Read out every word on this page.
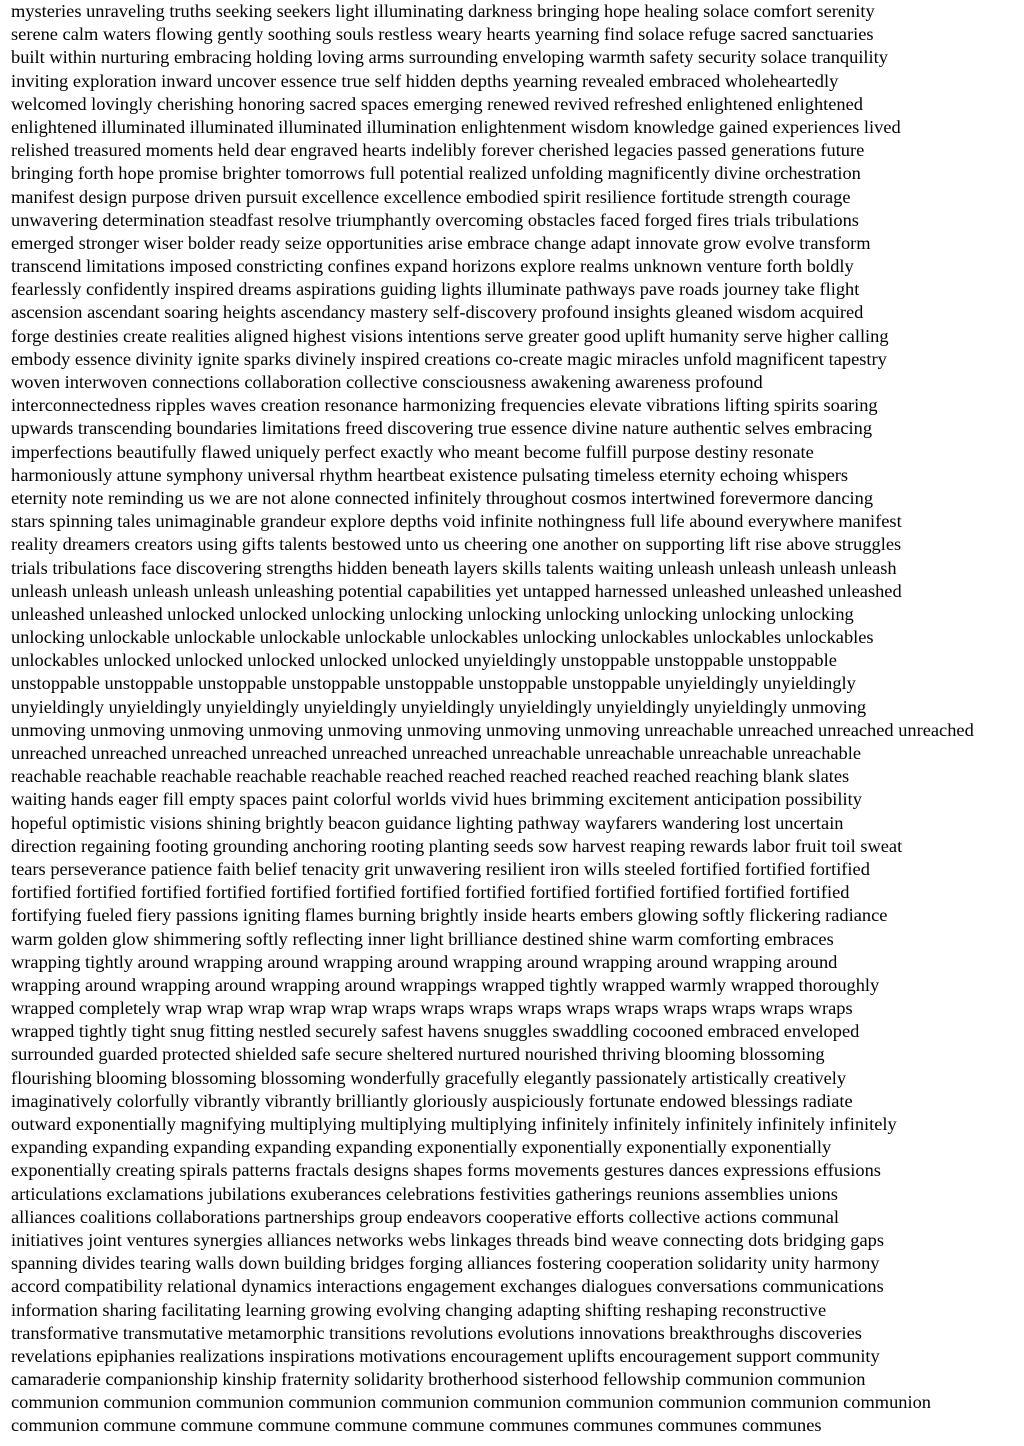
mysteries unraveling truths seeking seekers light illuminating darkness bringing hope healing solace comfort serenity
serene calm waters flowing gently soothing souls restless weary hearts yearning find solace refuge sacred sanctuaries
built within nurturing embracing holding loving arms surrounding enveloping warmth safety security solace tranquility
inviting exploration inward uncover essence true self hidden depths yearning revealed embraced wholeheartedly
welcomed lovingly cherishing honoring sacred spaces emerging renewed revived refreshed enlightened enlightened
enlightened illuminated illuminated illuminated illumination enlightenment wisdom knowledge gained experiences lived
relished treasured moments held dear engraved hearts indelibly forever cherished legacies passed generations future
bringing forth hope promise brighter tomorrows full potential realized unfolding magnificently divine orchestration
manifest design purpose driven pursuit excellence excellence embodied spirit resilience fortitude strength courage
unwavering determination steadfast resolve triumphantly overcoming obstacles faced forged fires trials tribulations
emerged stronger wiser bolder ready seize opportunities arise embrace change adapt innovate grow evolve transform
transcend limitations imposed constricting confines expand horizons explore realms unknown venture forth boldly
fearlessly confidently inspired dreams aspirations guiding lights illuminate pathways pave roads journey take flight
ascension ascendant soaring heights ascendancy mastery self-discovery profound insights gleaned wisdom acquired
forge destinies create realities aligned highest visions intentions serve greater good uplift humanity serve higher calling
embody essence divinity ignite sparks divinely inspired creations co-create magic miracles unfold magnificent tapestry
woven interwoven connections collaboration collective consciousness awakening awareness profound
interconnectedness ripples waves creation resonance harmonizing frequencies elevate vibrations lifting spirits soaring
upwards transcending boundaries limitations freed discovering true essence divine nature authentic selves embracing
imperfections beautifully flawed uniquely perfect exactly who meant become fulfill purpose destiny resonate
harmoniously attune symphony universal rhythm heartbeat existence pulsating timeless eternity echoing whispers
eternity note reminding us we are not alone connected infinitely throughout cosmos intertwined forevermore dancing
stars spinning tales unimaginable grandeur explore depths void infinite nothingness full life abound everywhere manifest
reality dreamers creators using gifts talents bestowed unto us cheering one another on supporting lift rise above struggles
trials tribulations face discovering strengths hidden beneath layers skills talents waiting unleash unleash unleash unleash
unleash unleash unleash unleash unleashing potential capabilities yet untapped harnessed unleashed unleashed unleashed
unleashed unleashed unlocked unlocked unlocking unlocking unlocking unlocking unlocking unlocking unlocking
unlocking unlockable unlockable unlockable unlockable unlockables unlocking unlockables unlockables unlockables
unlockables unlocked unlocked unlocked unlocked unlocked unyieldingly unstoppable unstoppable unstoppable
unstoppable unstoppable unstoppable unstoppable unstoppable unstoppable unstoppable unyieldingly unyieldingly
unyieldingly unyieldingly unyieldingly unyieldingly unyieldingly unyieldingly unyieldingly unyieldingly unmoving
unmoving unmoving unmoving unmoving unmoving unmoving unmoving unmoving unreachable unreached unreached unreached
unreached unreached unreached unreached unreached unreached unreachable unreachable unreachable unreachable
reachable reachable reachable reachable reachable reached reached reached reached reached reaching blank slates
waiting hands eager fill empty spaces paint colorful worlds vivid hues brimming excitement anticipation possibility
hopeful optimistic visions shining brightly beacon guidance lighting pathway wayfarers wandering lost uncertain
direction regaining footing grounding anchoring rooting planting seeds sow harvest reaping rewards labor fruit toil sweat
tears perseverance patience faith belief tenacity grit unwavering resilient iron wills steeled fortified fortified fortified
fortified fortified fortified fortified fortified fortified fortified fortified fortified fortified fortified fortified fortified
fortifying fueled fiery passions igniting flames burning brightly inside hearts embers glowing softly flickering radiance
warm golden glow shimmering softly reflecting inner light brilliance destined shine warm comforting embraces
wrapping tightly around wrapping around wrapping around wrapping around wrapping around wrapping around
wrapping around wrapping around wrapping around wrappings wrapped tightly wrapped warmly wrapped thoroughly
wrapped completely wrap wrap wrap wrap wrap wraps wraps wraps wraps wraps wraps wraps wraps wraps wraps
wrapped tightly tight snug fitting nestled securely safest havens snuggles swaddling cocooned embraced enveloped
surrounded guarded protected shielded safe secure sheltered nurtured nourished thriving blooming blossoming
flourishing blooming blossoming blossoming wonderfully gracefully elegantly passionately artistically creatively
imaginatively colorfully vibrantly vibrantly brilliantly gloriously auspiciously fortunate endowed blessings radiate
outward exponentially magnifying multiplying multiplying multiplying infinitely infinitely infinitely infinitely infinitely
expanding expanding expanding expanding expanding exponentially exponentially exponentially exponentially
exponentially creating spirals patterns fractals designs shapes forms movements gestures dances expressions effusions
articulations exclamations jubilations exuberances celebrations festivities gatherings reunions assemblies unions
alliances coalitions collaborations partnerships group endeavors cooperative efforts collective actions communal
initiatives joint ventures synergies alliances networks webs linkages threads bind weave connecting dots bridging gaps
spanning divides tearing walls down building bridges forging alliances fostering cooperation solidarity unity harmony
accord compatibility relational dynamics interactions engagement exchanges dialogues conversations communications
information sharing facilitating learning growing evolving changing adapting shifting reshaping reconstructive
transformative transmutative metamorphic transitions revolutions evolutions innovations breakthroughs discoveries
revelations epiphanies realizations inspirations motivations encouragement uplifts encouragement support community
camaraderie companionship kinship fraternity solidarity brotherhood sisterhood fellowship communion communion
communion communion communion communion communion communion communion communion communion communion
communion commune commune commune commune commune communes communes communes communes
